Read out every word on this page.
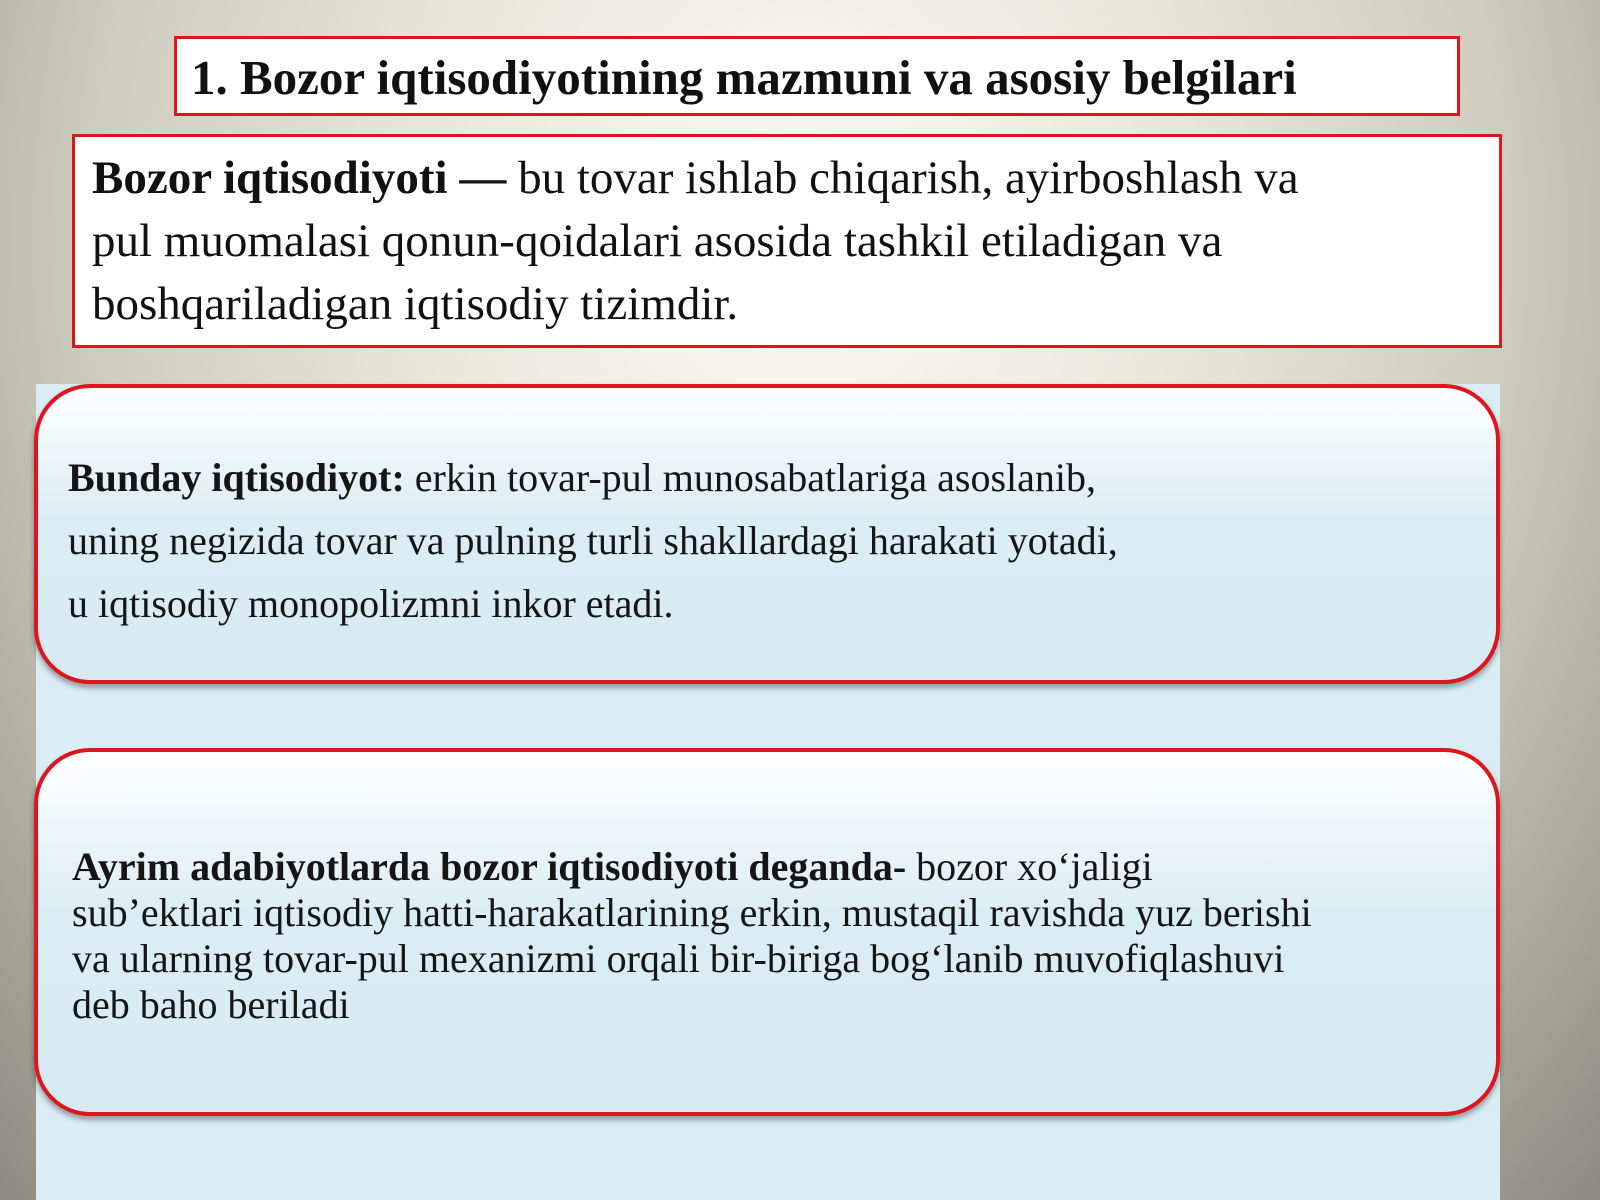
1. Bozor iqtisodiyotining mazmuni va asosiy belgilari
Bozor iqtisodiyoti — bu tovar ishlab chiqarish, ayirboshlash va
pul muomalasi qonun-qoidalari asosida tashkil etiladigan va
boshqariladigan iqtisodiy tizimdir.
Bunday iqtisodiyot: erkin tovar-pul munosabatlariga asoslanib,
uning negizida tovar va pulning turli shakllardagi harakati yotadi,
u iqtisodiy monopolizmni inkor etadi.
Ayrim adabiyotlarda bozor iqtisodiyoti deganda- bozor xo‘jaligi
sub’ektlari iqtisodiy hatti-harakatlarining erkin, mustaqil ravishda yuz berishi
va ularning tovar-pul mexanizmi orqali bir-biriga bog‘lanib muvofiqlashuvi
deb baho beriladi
